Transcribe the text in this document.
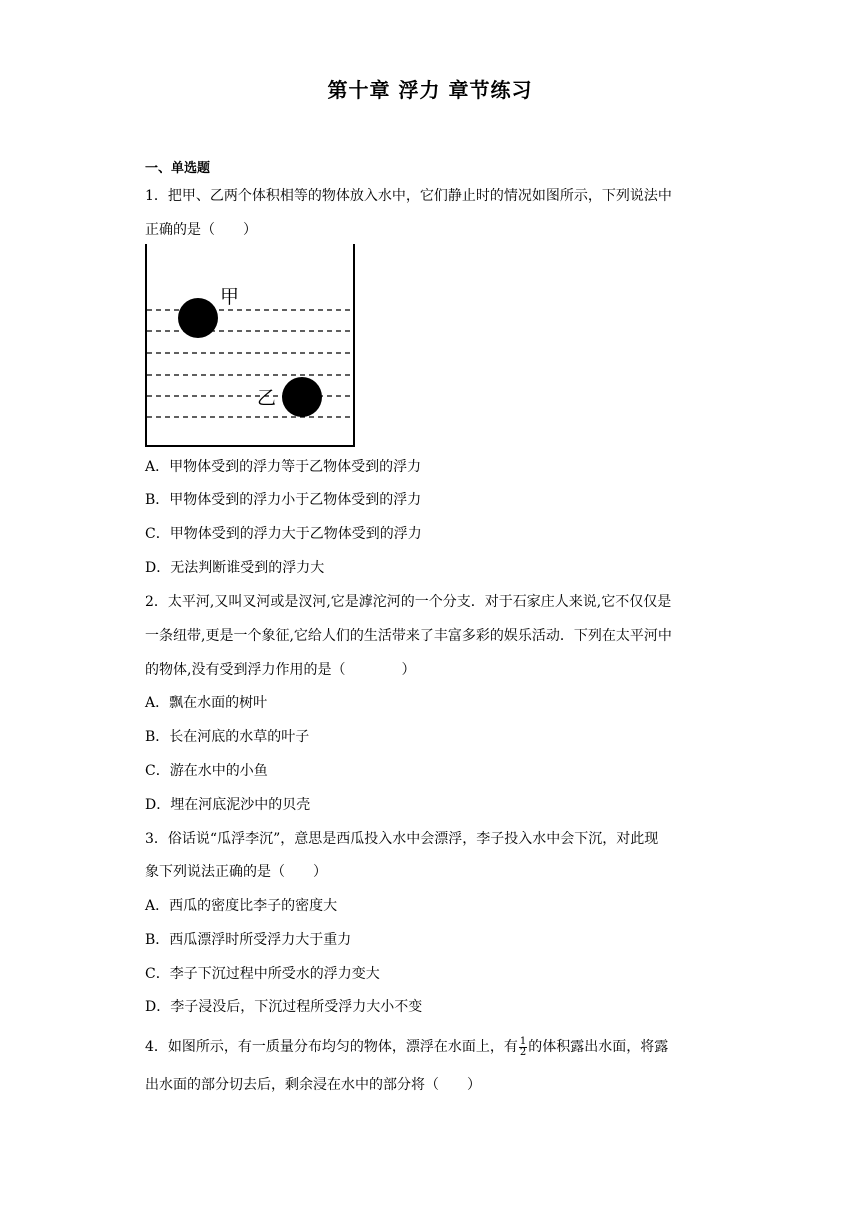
第十章 浮力 章节练习
一、单选题
1．把甲、乙两个体积相等的物体放入水中，它们静止时的情况如图所示，下列说法中
正确的是（　　）
甲
乙
A．甲物体受到的浮力等于乙物体受到的浮力
B．甲物体受到的浮力小于乙物体受到的浮力
C．甲物体受到的浮力大于乙物体受到的浮力
D．无法判断谁受到的浮力大
2．太平河,又叫叉河或是汊河,它是滹沱河的一个分支．对于石家庄人来说,它不仅仅是
一条纽带,更是一个象征,它给人们的生活带来了丰富多彩的娱乐活动．下列在太平河中
的物体,没有受到浮力作用的是（　　　　）
A．飘在水面的树叶
B．长在河底的水草的叶子
C．游在水中的小鱼
D．埋在河底泥沙中的贝壳
3．俗话说“瓜浮李沉”，意思是西瓜投入水中会漂浮，李子投入水中会下沉，对此现
象下列说法正确的是（　　）
A．西瓜的密度比李子的密度大
B．西瓜漂浮时所受浮力大于重力
C．李子下沉过程中所受水的浮力变大
D．李子浸没后，下沉过程所受浮力大小不变
4．如图所示，有一质量分布均匀的物体，漂浮在水面上，有 $\frac{1}{2}$ 的体积露出水面，将露
出水面的部分切去后，剩余浸在水中的部分将（　　）
